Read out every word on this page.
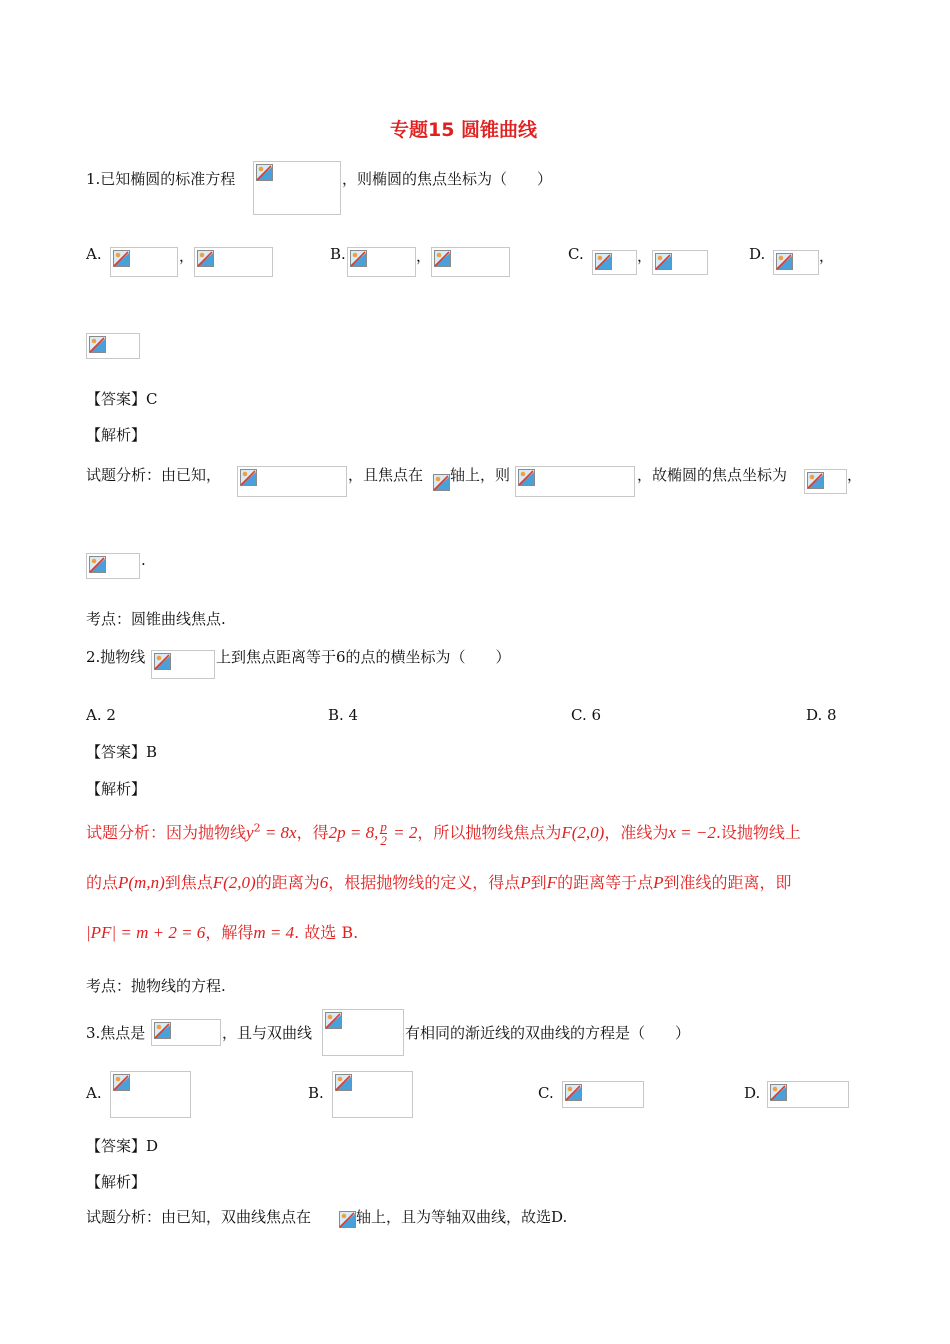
专题15 圆锥曲线
1.已知椭圆的标准方程	，则椭圆的焦点坐标为（　　）
A.	，	B.	，	C.	，	D.	，
【答案】C
【解析】
试题分析：由已知，	，且焦点在 轴上，则	，故椭圆的焦点坐标为	，
.
考点：圆锥曲线焦点.
2.抛物线	上到焦点距离等于6的点的横坐标为（　　）
A. 2	B. 4	C. 6	D. 8
【答案】B
【解析】
试题分析：因为抛物线$y^2 = 8x$，得2p = 8, $\frac{p}{2} = 2$，所以抛物线焦点为F(2,0)，准线为x = −2.设抛物线上
的点P(m,n)到焦点F(2,0)的距离为6，根据抛物线的定义，得点P到F的距离等于点P到准线的距离，即
|PF| = m + 2 = 6，解得m = 4. 故选 B.
考点：抛物线的方程.
3.焦点是	，且与双曲线	有相同的渐近线的双曲线的方程是（　　）
A.	B.	C.	D.
【答案】D
【解析】
试题分析：由已知，双曲线焦点在	轴上，且为等轴双曲线，故选D.
